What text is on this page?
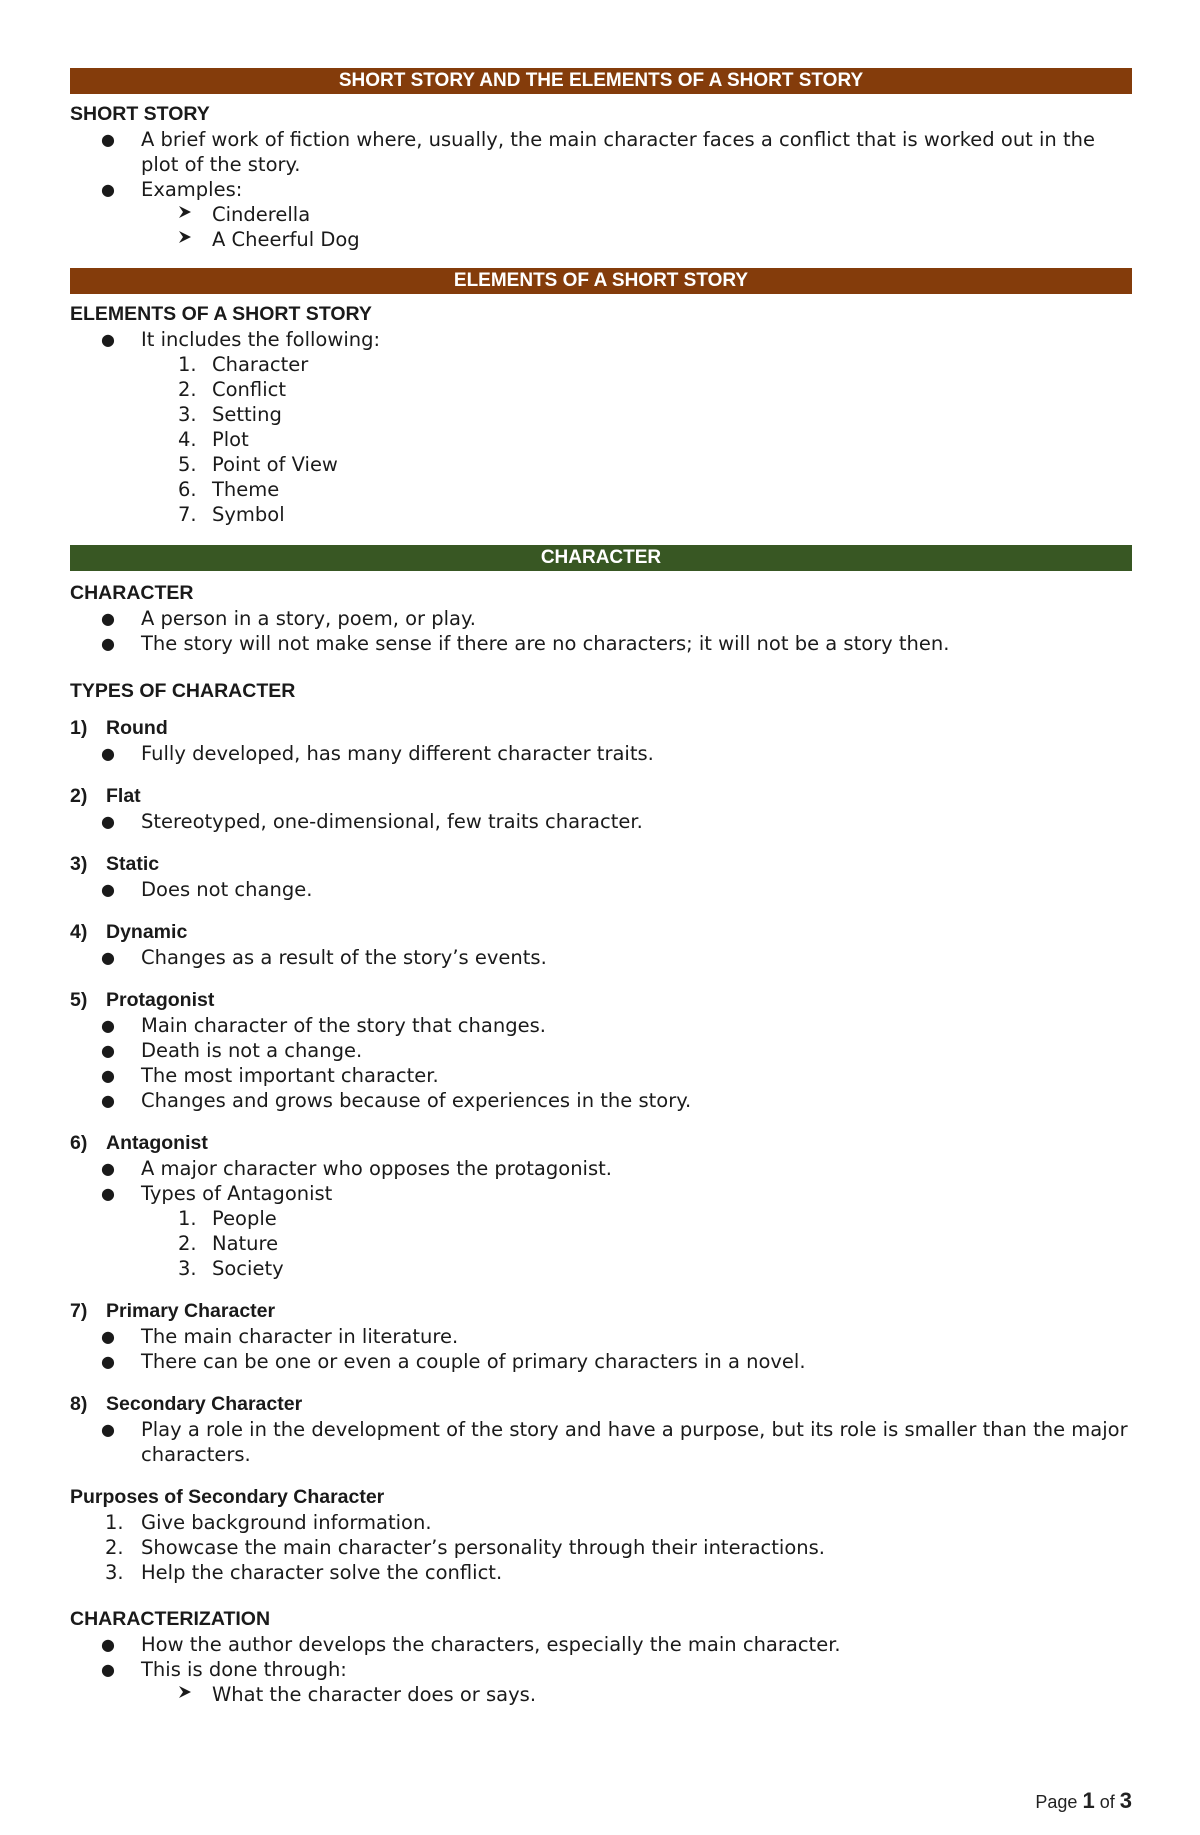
SHORT STORY AND THE ELEMENTS OF A SHORT STORY
SHORT STORY
● A brief work of fiction where, usually, the main character faces a conflict that is worked out in the plot of the story.
● Examples:
Cinderella
A Cheerful Dog
ELEMENTS OF A SHORT STORY
ELEMENTS OF A SHORT STORY
● It includes the following:
1. Character
2. Conflict
3. Setting
4. Plot
5. Point of View
6. Theme
7. Symbol
CHARACTER
CHARACTER
● A person in a story, poem, or play.
● The story will not make sense if there are no characters; it will not be a story then.
TYPES OF CHARACTER
1) Round
● Fully developed, has many different character traits.
2) Flat
● Stereotyped, one-dimensional, few traits character.
3) Static
● Does not change.
4) Dynamic
● Changes as a result of the story’s events.
5) Protagonist
● Main character of the story that changes.
● Death is not a change.
● The most important character.
● Changes and grows because of experiences in the story.
6) Antagonist
● A major character who opposes the protagonist.
● Types of Antagonist
1. People
2. Nature
3. Society
7) Primary Character
● The main character in literature.
● There can be one or even a couple of primary characters in a novel.
8) Secondary Character
● Play a role in the development of the story and have a purpose, but its role is smaller than the major characters.
Purposes of Secondary Character
1. Give background information.
2. Showcase the main character’s personality through their interactions.
3. Help the character solve the conflict.
CHARACTERIZATION
● How the author develops the characters, especially the main character.
● This is done through:
What the character does or says.
Page 1 of 3
